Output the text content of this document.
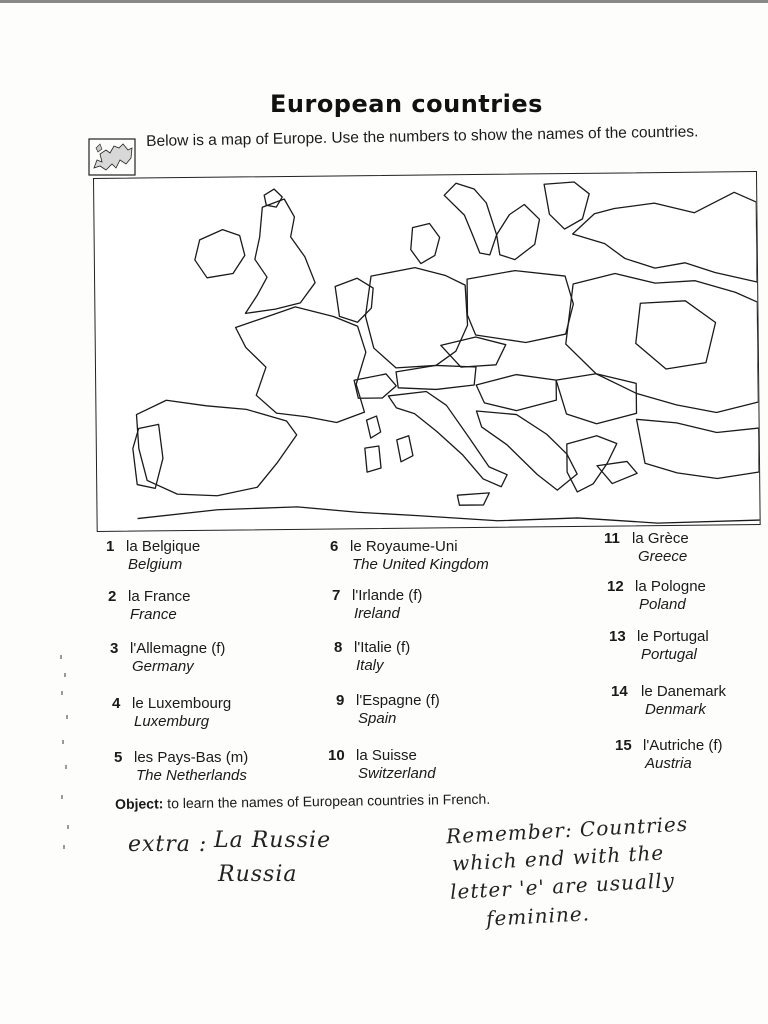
European countries
Below is a map of Europe. Use the numbers to show the names of the countries.
1 la Belgique
Belgium
2 la France
France
3 l'Allemagne (f)
Germany
4 le Luxembourg
Luxemburg
5 les Pays-Bas (m)
The Netherlands
6 le Royaume-Uni
The United Kingdom
7 l'Irlande (f)
Ireland
8 l'Italie (f)
Italy
9 l'Espagne (f)
Spain
10 la Suisse
Switzerland
11 la Grèce
Greece
12 la Pologne
Poland
13 le Portugal
Portugal
14 le Danemark
Denmark
15 l'Autriche (f)
Austria
Object: to learn the names of European countries in French.
extra : La Russie
Russia
Remember: Countries
which end with the
letter 'e' are usually
feminine.
